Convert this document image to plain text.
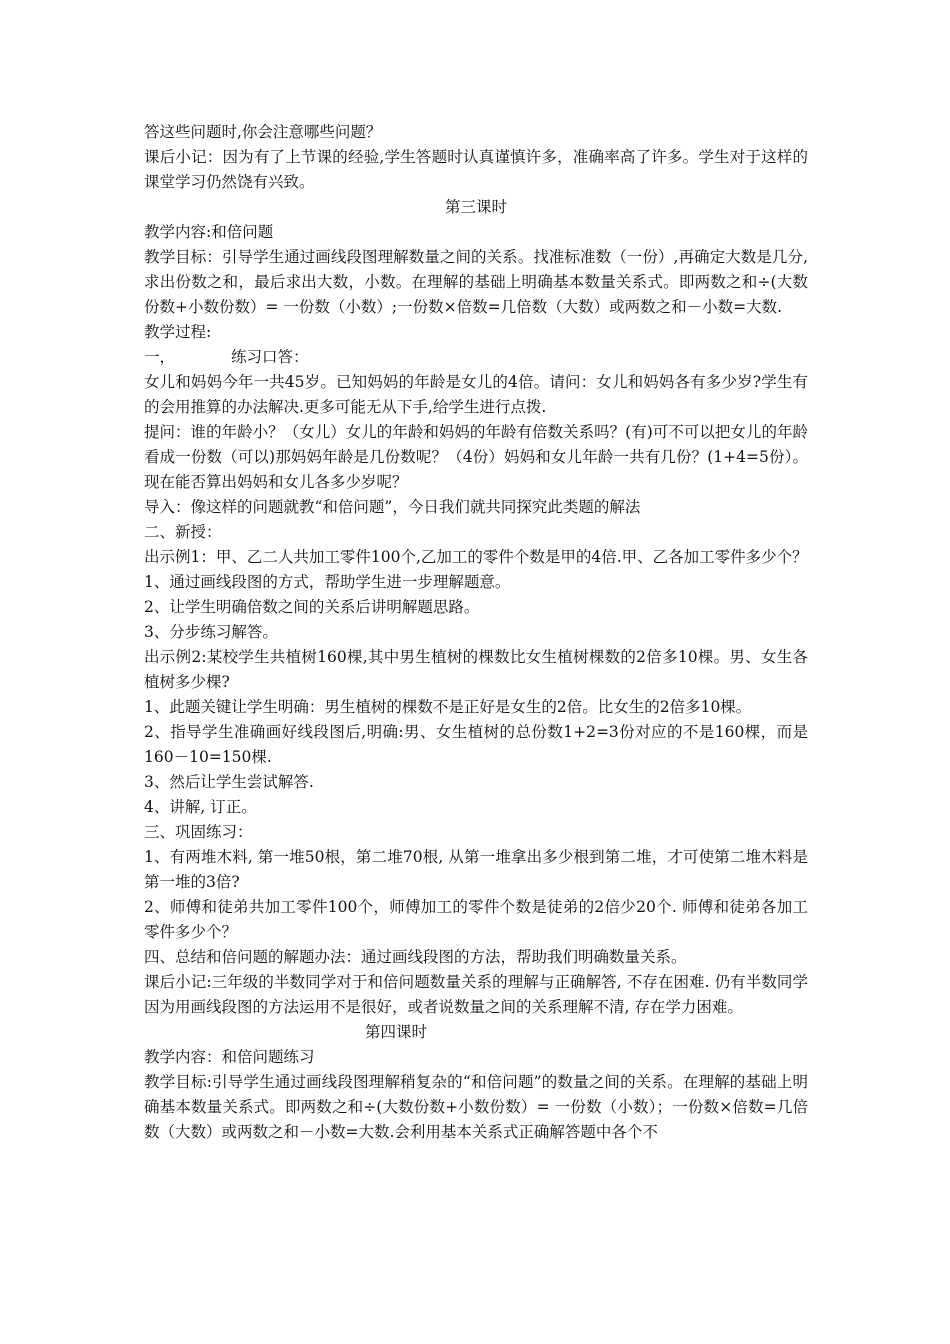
答这些问题时,你会注意哪些问题？

课后小记：因为有了上节课的经验,学生答题时认真谨慎许多，准确率高了许多。学生对于这样的课堂学习仍然饶有兴致。

第三课时

教学内容:和倍问题

教学目标：引导学生通过画线段图理解数量之间的关系。找准标准数（一份）,再确定大数是几分,求出份数之和，最后求出大数，小数。在理解的基础上明确基本数量关系式。即两数之和÷(大数份数+小数份数）= 一份数（小数）;一份数×倍数=几倍数（大数）或两数之和－小数=大数.

教学过程:

一，	练习口答：

女儿和妈妈今年一共45岁。已知妈妈的年龄是女儿的4倍。请问：女儿和妈妈各有多少岁?学生有的会用推算的办法解决.更多可能无从下手,给学生进行点拨.

提问：谁的年龄小？（女儿）女儿的年龄和妈妈的年龄有倍数关系吗？(有)可不可以把女儿的年龄看成一份数（可以)那妈妈年龄是几份数呢？（4份）妈妈和女儿年龄一共有几份？(1+4=5份）。现在能否算出妈妈和女儿各多少岁呢？

导入：像这样的问题就教“和倍问题”，今日我们就共同探究此类题的解法

二、新授：

出示例1：甲、乙二人共加工零件100个,乙加工的零件个数是甲的4倍.甲、乙各加工零件多少个？

1、通过画线段图的方式，帮助学生进一步理解题意。

2、让学生明确倍数之间的关系后讲明解题思路。

3、分步练习解答。

出示例2:某校学生共植树160棵,其中男生植树的棵数比女生植树棵数的2倍多10棵。男、女生各植树多少棵?

1、此题关键让学生明确：男生植树的棵数不是正好是女生的2倍。比女生的2倍多10棵。

2、指导学生准确画好线段图后,明确:男、女生植树的总份数1+2=3份对应的不是160棵，而是160－10=150棵.

3、然后让学生尝试解答.

4、讲解, 订正。

三、巩固练习：

1、有两堆木料, 第一堆50根，第二堆70根, 从第一堆拿出多少根到第二堆，才可使第二堆木料是第一堆的3倍?

2、师傅和徒弟共加工零件100个，师傅加工的零件个数是徒弟的2倍少20个. 师傅和徒弟各加工零件多少个？

四、总结和倍问题的解题办法：通过画线段图的方法，帮助我们明确数量关系。

课后小记:三年级的半数同学对于和倍问题数量关系的理解与正确解答, 不存在困难. 仍有半数同学因为用画线段图的方法运用不是很好，或者说数量之间的关系理解不清, 存在学力困难。

第四课时

教学内容：和倍问题练习

教学目标:引导学生通过画线段图理解稍复杂的“和倍问题”的数量之间的关系。在理解的基础上明确基本数量关系式。即两数之和÷(大数份数+小数份数）= 一份数（小数）；一份数×倍数=几倍数（大数）或两数之和－小数=大数.会利用基本关系式正确解答题中各个不
